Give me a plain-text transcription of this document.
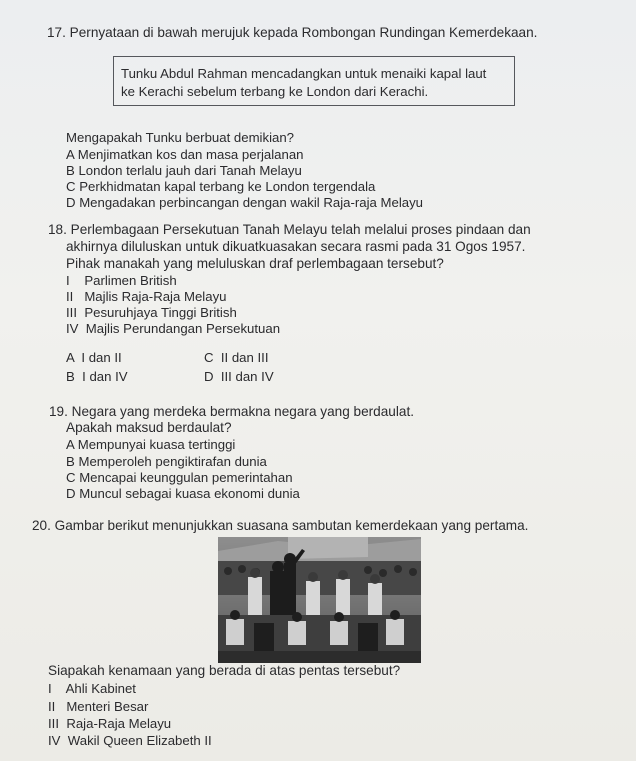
17. Pernyataan di bawah merujuk kepada Rombongan Rundingan Kemerdekaan.
Tunku Abdul Rahman mencadangkan untuk menaiki kapal laut
ke Kerachi sebelum terbang ke London dari Kerachi.
Mengapakah Tunku berbuat demikian?
A Menjimatkan kos dan masa perjalanan
B London terlalu jauh dari Tanah Melayu
C Perkhidmatan kapal terbang ke London tergendala
D Mengadakan perbincangan dengan wakil Raja-raja Melayu
18. Perlembagaan Persekutuan Tanah Melayu telah melalui proses pindaan dan
akhirnya diluluskan untuk dikuatkuasakan secara rasmi pada 31 Ogos 1957.
Pihak manakah yang meluluskan draf perlembagaan tersebut?
I    Parlimen British
II   Majlis Raja-Raja Melayu
III  Pesuruhjaya Tinggi British
IV  Majlis Perundangan Persekutuan
A  I dan II
B  I dan IV
C  II dan III
D  III dan IV
19. Negara yang merdeka bermakna negara yang berdaulat.
Apakah maksud berdaulat?
A Mempunyai kuasa tertinggi
B Memperoleh pengiktirafan dunia
C Mencapai keunggulan pemerintahan
D Muncul sebagai kuasa ekonomi dunia
20. Gambar berikut menunjukkan suasana sambutan kemerdekaan yang pertama.
Siapakah kenamaan yang berada di atas pentas tersebut?
I    Ahli Kabinet
II   Menteri Besar
III  Raja-Raja Melayu
IV  Wakil Queen Elizabeth II
